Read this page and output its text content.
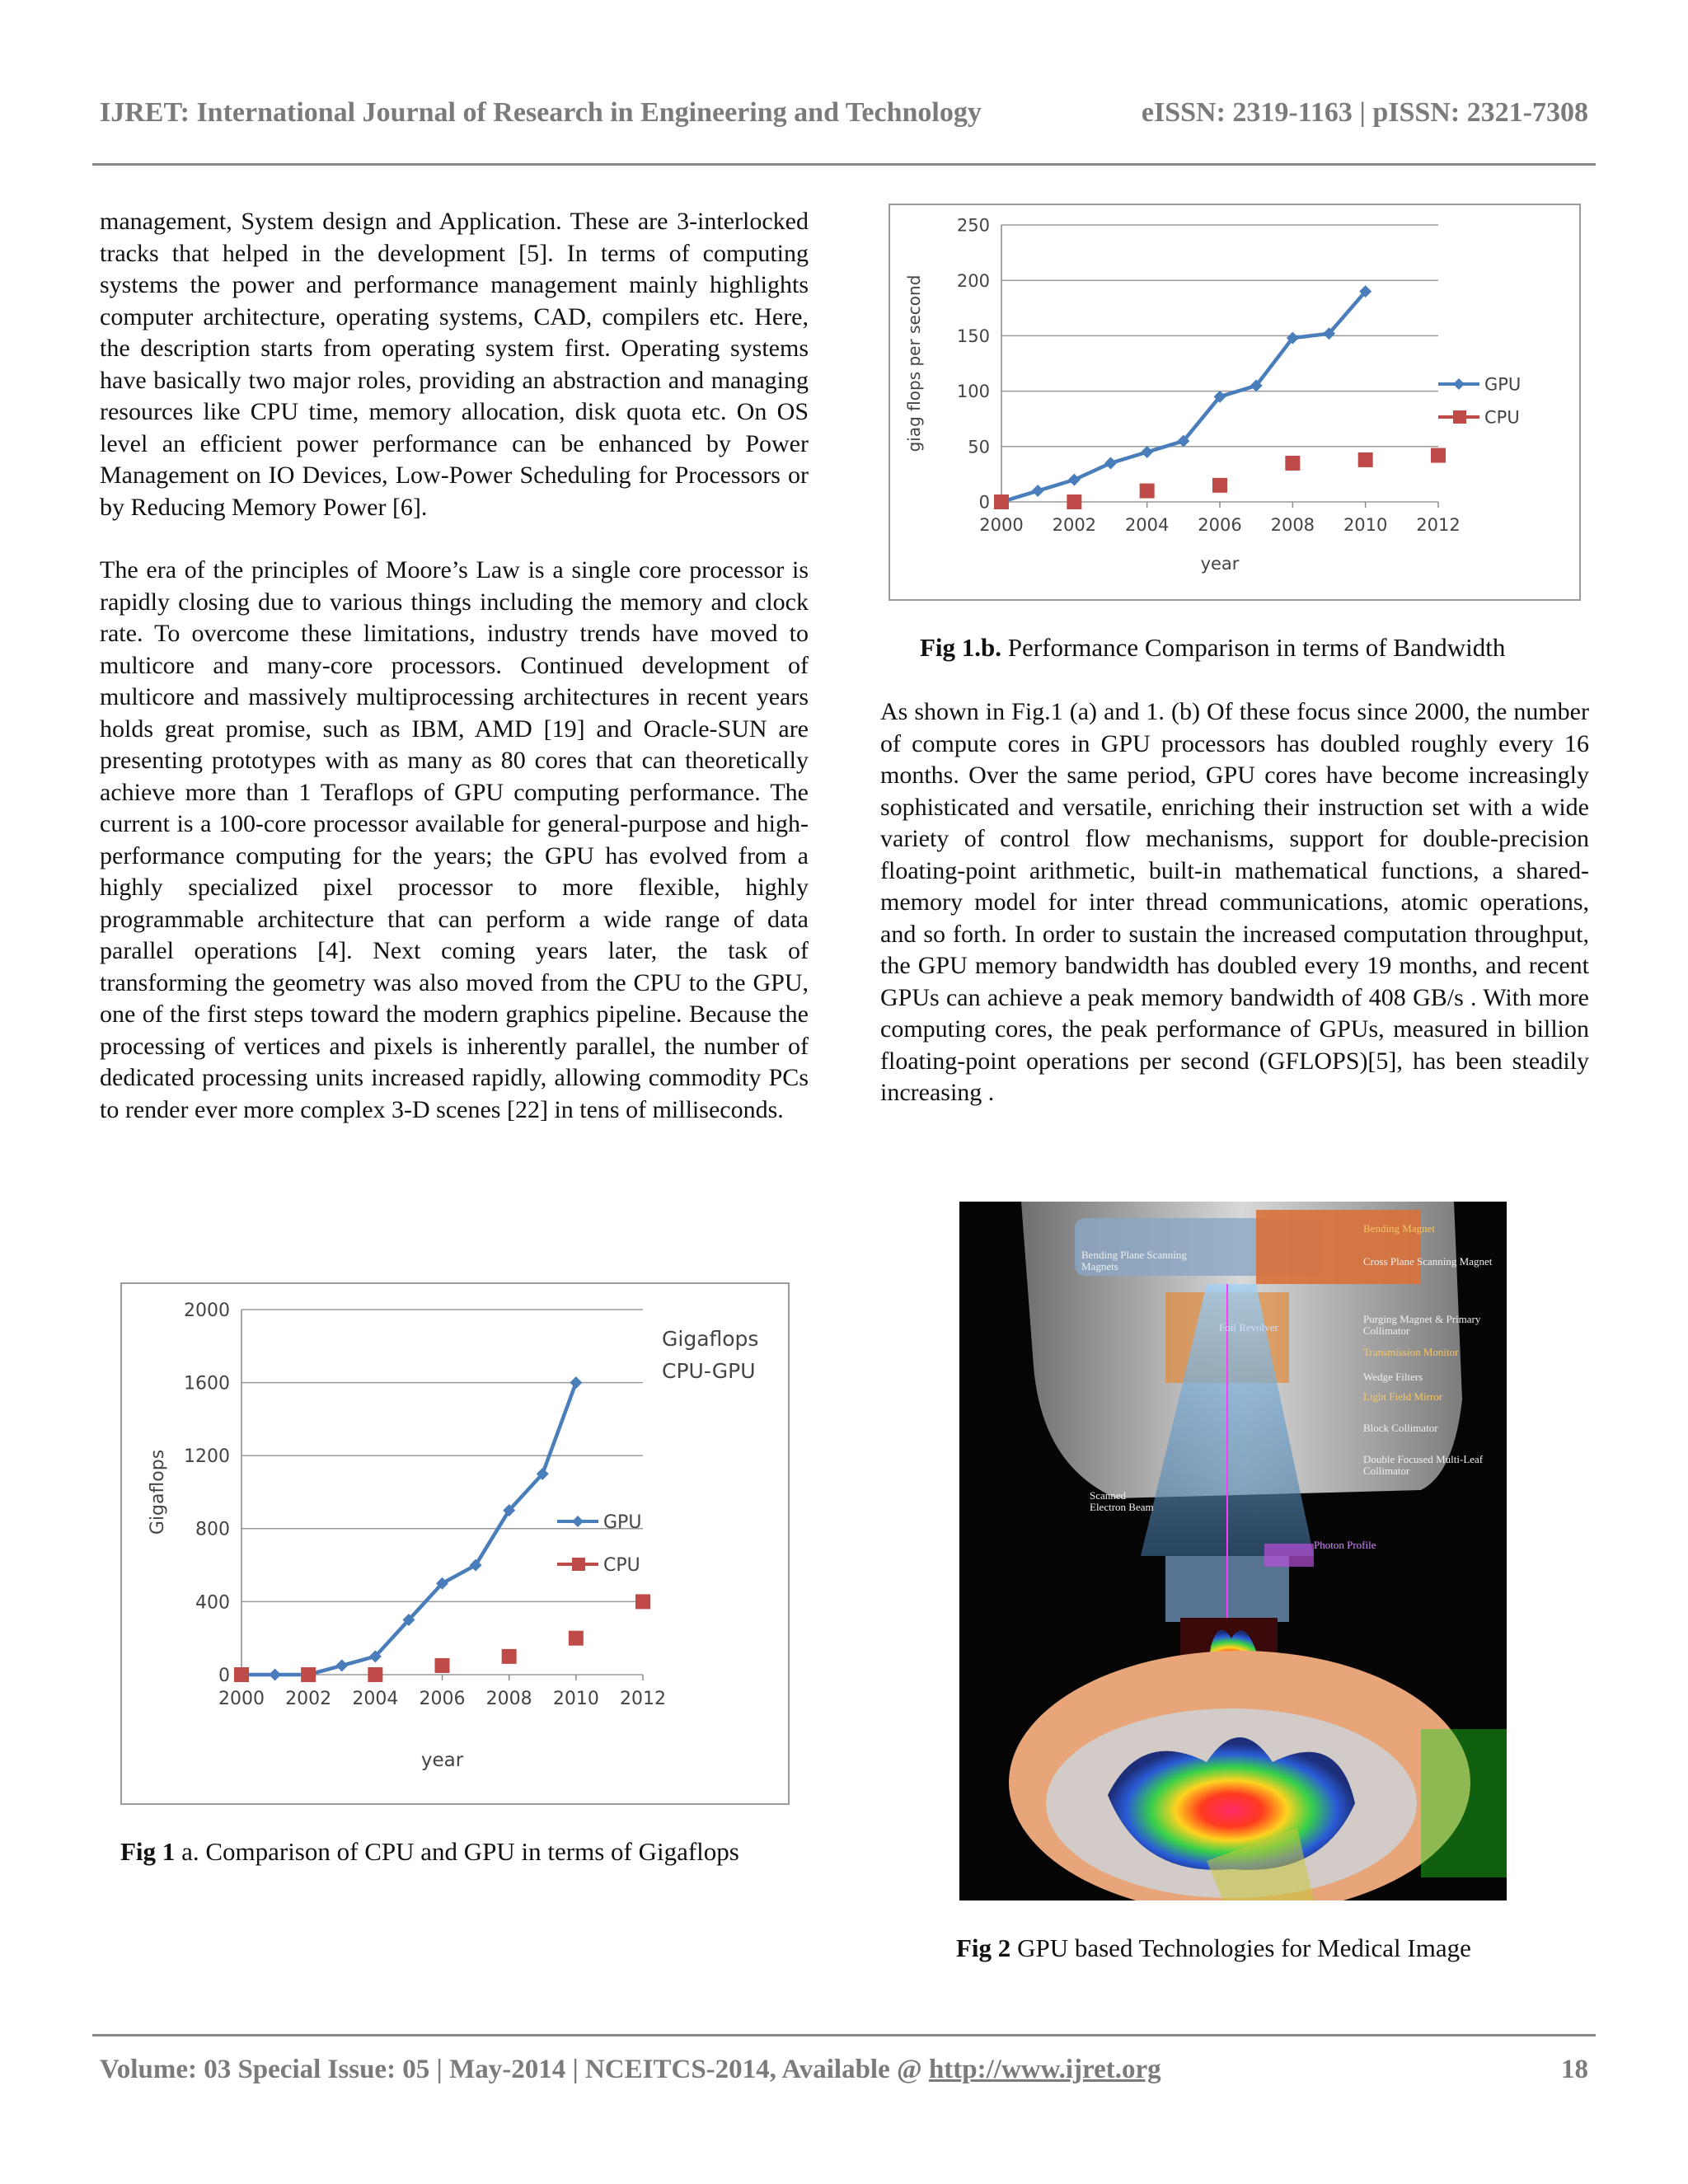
IJRET: International Journal of Research in Engineering and Technology	eISSN: 2319-1163 | pISSN: 2321-7308

management, System design and Application. These are 3-interlocked tracks that helped in the development [5]. In terms of computing systems the power and performance management mainly highlights computer architecture, operating systems, CAD, compilers etc. Here, the description starts from operating system first. Operating systems have basically two major roles, providing an abstraction and managing resources like CPU time, memory allocation, disk quota etc. On OS level an efficient power performance can be enhanced by Power Management on IO Devices, Low-Power Scheduling for Processors or by Reducing Memory Power [6].

The era of the principles of Moore’s Law is a single core processor is rapidly closing due to various things including the memory and clock rate. To overcome these limitations, industry trends have moved to multicore and many-core processors. Continued development of multicore and massively multiprocessing architectures in recent years holds great promise, such as IBM, AMD [19] and Oracle-SUN are presenting prototypes with as many as 80 cores that can theoretically achieve more than 1 Teraflops of GPU computing performance. The current is a 100-core processor available for general-purpose and high-performance computing for the years; the GPU has evolved from a highly specialized pixel processor to more flexible, highly programmable architecture that can perform a wide range of data parallel operations [4]. Next coming years later, the task of transforming the geometry was also moved from the CPU to the GPU, one of the first steps toward the modern graphics pipeline. Because the processing of vertices and pixels is inherently parallel, the number of dedicated processing units increased rapidly, allowing commodity PCs to render ever more complex 3-D scenes [22] in tens of milliseconds.

0
50
100
150
200
250
2000 2002 2004 2006 2008 2010 2012
year
giag flops per second	GPU
CPU
Fig 1.b. Performance Comparison in terms of Bandwidth

As shown in Fig.1 (a) and 1. (b) Of these focus since 2000, the number of compute cores in GPU processors has doubled roughly every 16 months. Over the same period, GPU cores have become increasingly sophisticated and versatile, enriching their instruction set with a wide variety of control flow mechanisms, support for double-precision floating-point arithmetic, built-in mathematical functions, a shared-memory model for inter thread communications, atomic operations, and so forth. In order to sustain the increased computation throughput, the GPU memory bandwidth has doubled every 19 months, and recent GPUs can achieve a peak memory bandwidth of 408 GB/s . With more computing cores, the peak performance of GPUs, measured in billion floating-point operations per second (GFLOPS)[5], has been steadily increasing .

0
400
800
1200
1600
2000
2000 2002 2004 2006 2008 2010 2012
year
Gigaflops
Gigaflops
CPU-GPU
GPU
CPU
Fig 1 a. Comparison of CPU and GPU in terms of Gigaflops
Bending Plane Scanning Magnets
Bending Magnet
Cross Plane Scanning Magnet
Foil Revolver
Purging Magnet & Primary Collimator
Transmission Monitor
Wedge Filters
Light Field Mirror
Block Collimator
Double Focused Multi-Leaf Collimator
Scanned Electron Beam
Photon Profile
Fig 2 GPU based Technologies for Medical Image
Volume: 03 Special Issue: 05 | May-2014 | NCEITCS-2014, Available @ http://www.ijret.org	18
